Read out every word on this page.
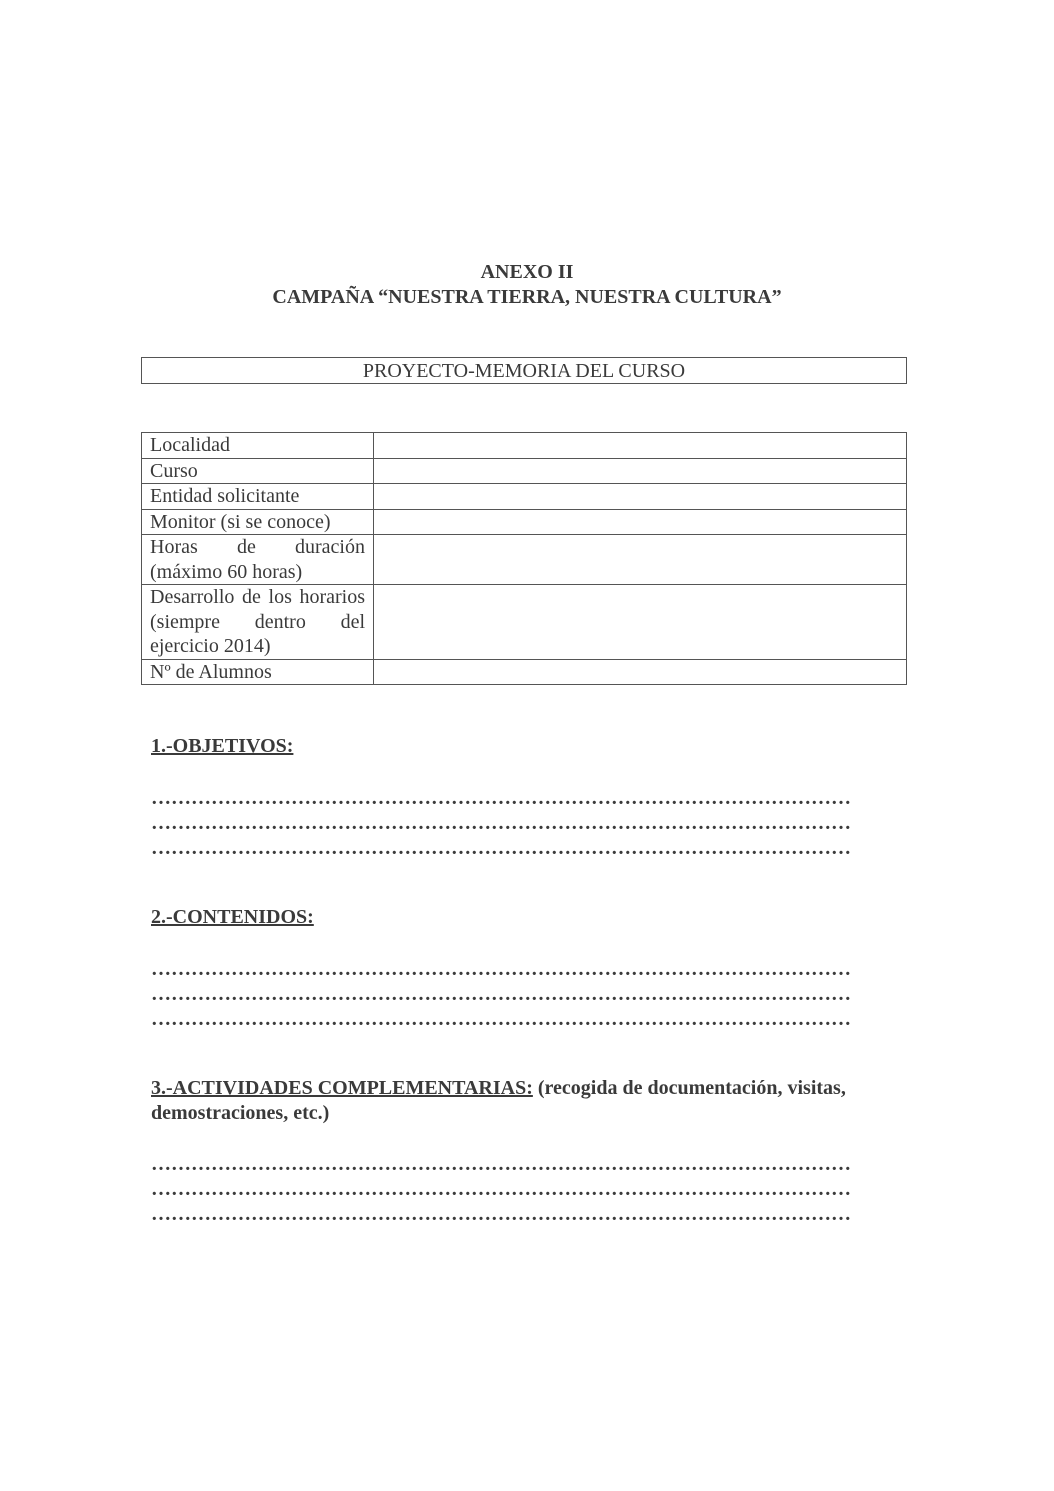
ANEXO II
CAMPAÑA “NUESTRA TIERRA, NUESTRA CULTURA”
PROYECTO-MEMORIA DEL CURSO
Localidad	
Curso	
Entidad solicitante	
Monitor (si se conoce)	
Horas de duración (máximo 60 horas)	
Desarrollo de los horarios (siempre dentro del ejercicio 2014)	
Nº de Alumnos	
1.-OBJETIVOS:
……………………………………………………………………………………………
……………………………………………………………………………………………
……………………………………………………………………………………………
2.-CONTENIDOS:
……………………………………………………………………………………………
……………………………………………………………………………………………
……………………………………………………………………………………………
3.-ACTIVIDADES COMPLEMENTARIAS: (recogida de documentación, visitas, demostraciones, etc.)
……………………………………………………………………………………………
……………………………………………………………………………………………
……………………………………………………………………………………………
